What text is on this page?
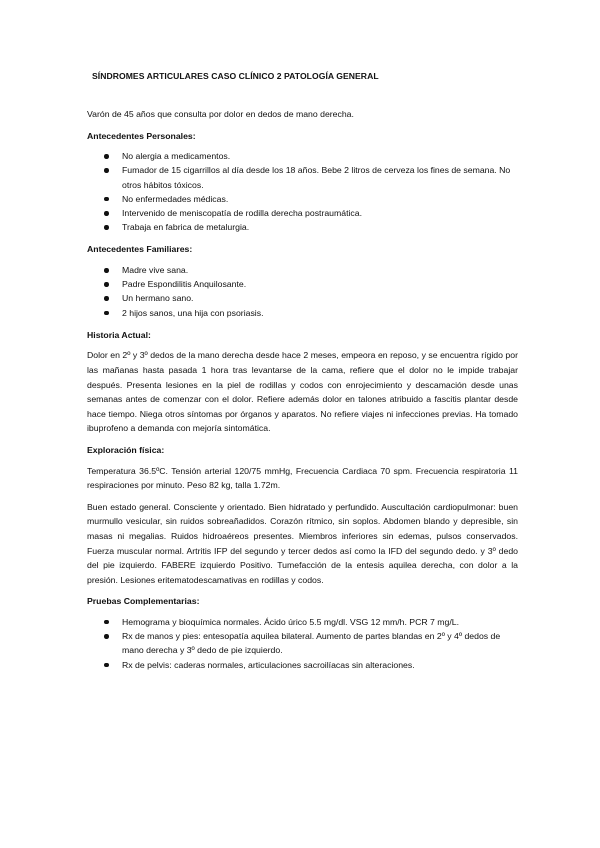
SÍNDROMES ARTICULARES CASO CLÍNICO 2 PATOLOGÍA GENERAL

Varón de 45 años que consulta por dolor en dedos de mano derecha.

Antecedentes Personales:
No alergia a medicamentos.
Fumador de 15 cigarrillos al día desde los 18 años. Bebe 2 litros de cerveza los fines de semana. No otros hábitos tóxicos.
No enfermedades médicas.
Intervenido de meniscopatía de rodilla derecha postraumática.
Trabaja en fabrica de metalurgia.
Antecedentes Familiares:
Madre vive sana.
Padre Espondilitis Anquilosante.
Un hermano sano.
2 hijos sanos, una hija con psoriasis.
Historia Actual:

Dolor en 2º y 3º dedos de la mano derecha desde hace 2 meses, empeora en reposo, y se encuentra rígido por las mañanas hasta pasada 1 hora tras levantarse de la cama, refiere que el dolor no le impide trabajar después. Presenta lesiones en la piel de rodillas y codos con enrojecimiento y descamación desde unas semanas antes de comenzar con el dolor. Refiere además dolor en talones atribuido a fascitis plantar desde hace tiempo. Niega otros síntomas por órganos y aparatos. No refiere viajes ni infecciones previas. Ha tomado ibuprofeno a demanda con mejoría sintomática.

Exploración física:

Temperatura 36.5ºC. Tensión arterial 120/75 mmHg, Frecuencia Cardiaca 70 spm. Frecuencia respiratoria 11 respiraciones por minuto. Peso 82 kg, talla 1.72m.

Buen estado general. Consciente y orientado. Bien hidratado y perfundido. Auscultación cardiopulmonar: buen murmullo vesicular, sin ruidos sobreañadidos. Corazón rítmico, sin soplos. Abdomen blando y depresible, sin masas ni megalias. Ruidos hidroaéreos presentes. Miembros inferiores sin edemas, pulsos conservados. Fuerza muscular normal. Artritis IFP del segundo y tercer dedos así como la IFD del segundo dedo. y 3º dedo del pie izquierdo. FABERE izquierdo Positivo. Tumefacción de la entesis aquilea derecha, con dolor a la presión. Lesiones eritematodescamativas en rodillas y codos.

Pruebas Complementarias:
Hemograma y bioquímica normales. Ácido úrico 5.5 mg/dl. VSG 12 mm/h. PCR 7 mg/L.
Rx de manos y pies: entesopatía aquilea bilateral. Aumento de partes blandas en 2º y 4º dedos de mano derecha y 3º dedo de pie izquierdo.
Rx de pelvis: caderas normales, articulaciones sacroilíacas sin alteraciones.
